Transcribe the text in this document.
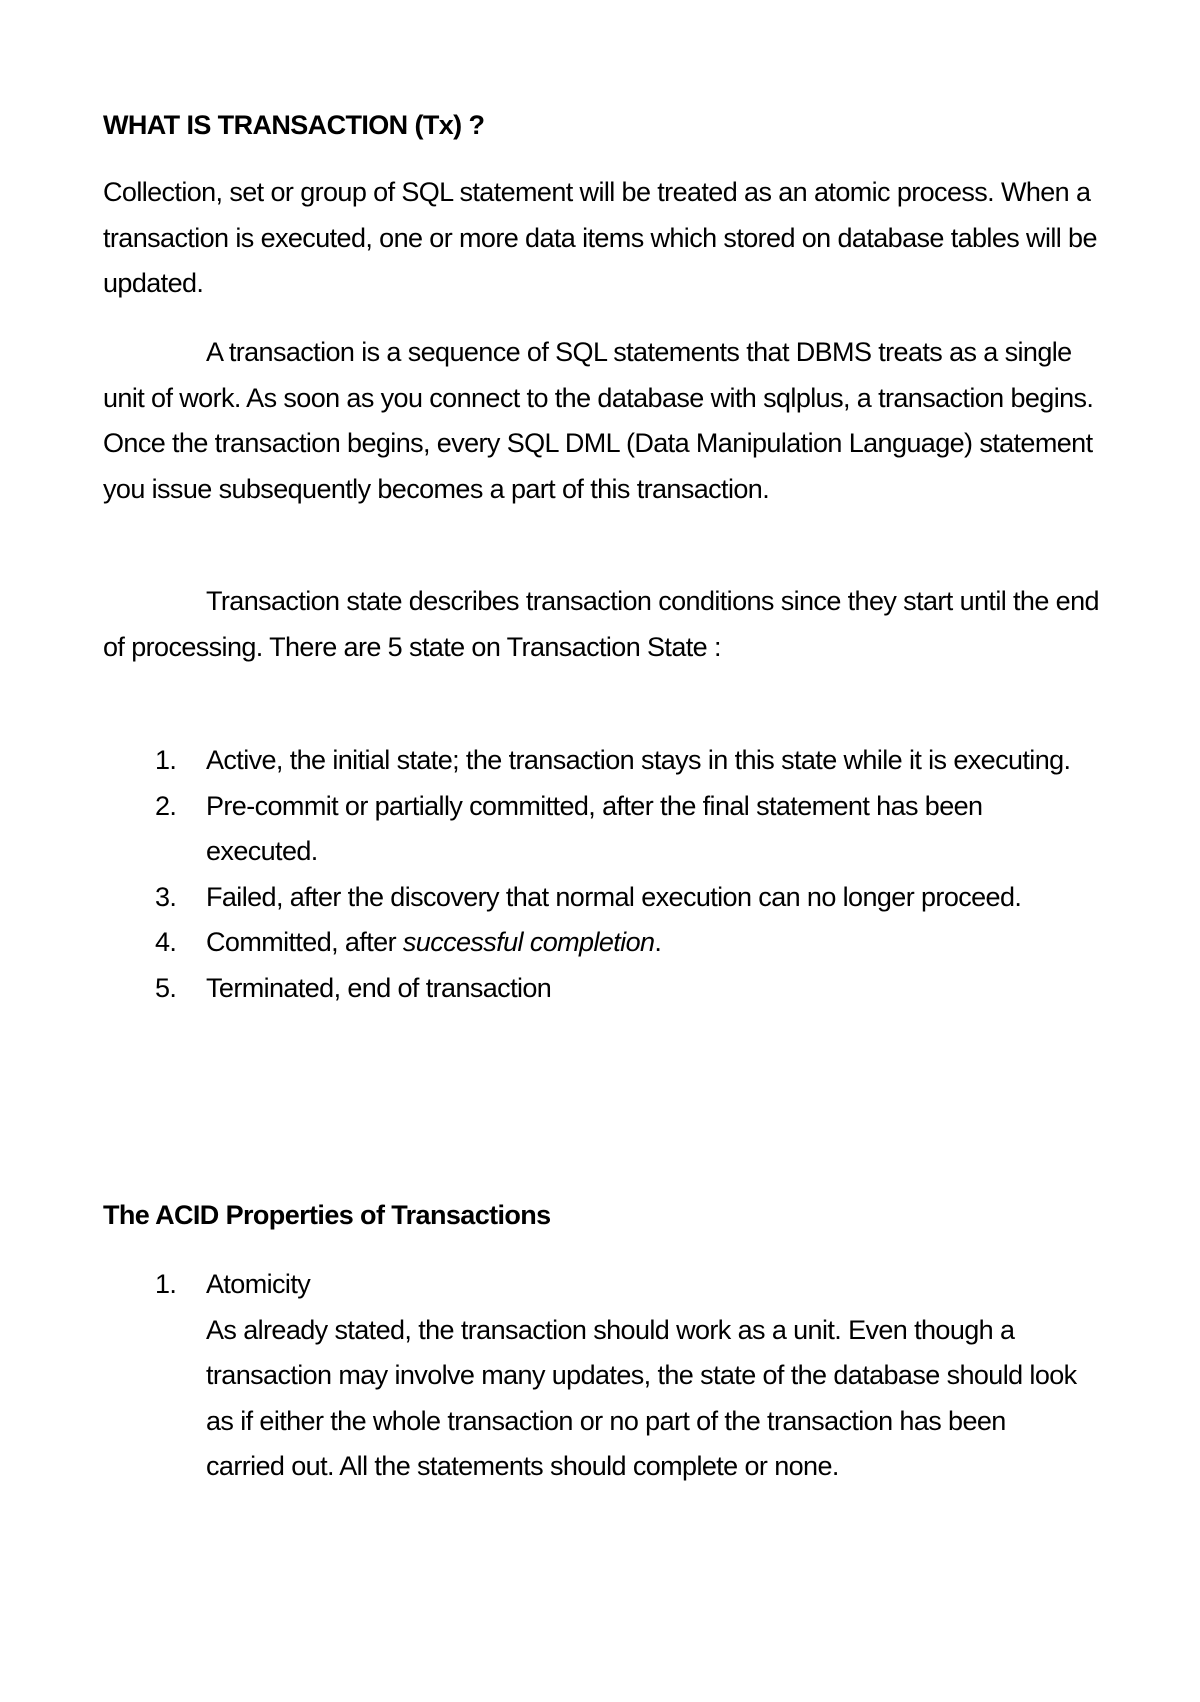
WHAT IS TRANSACTION (Tx) ?

Collection, set or group of SQL statement will be treated as an atomic process. When a transaction is executed, one or more data items which stored on database tables will be updated.

A transaction is a sequence of SQL statements that DBMS treats as a single unit of work. As soon as you connect to the database with sqlplus, a transaction begins. Once the transaction begins, every SQL DML (Data Manipulation Language) statement you issue subsequently becomes a part of this transaction.

Transaction state describes transaction conditions since they start until the end of processing. There are 5 state on Transaction State :

1. Active, the initial state; the transaction stays in this state while it is executing.
2. Pre-commit or partially committed, after the final statement has been executed.
3. Failed, after the discovery that normal execution can no longer proceed.
4. Committed, after successful completion.
5. Terminated, end of transaction

The ACID Properties of Transactions

1. Atomicity
As already stated, the transaction should work as a unit. Even though a transaction may involve many updates, the state of the database should look as if either the whole transaction or no part of the transaction has been carried out. All the statements should complete or none.
